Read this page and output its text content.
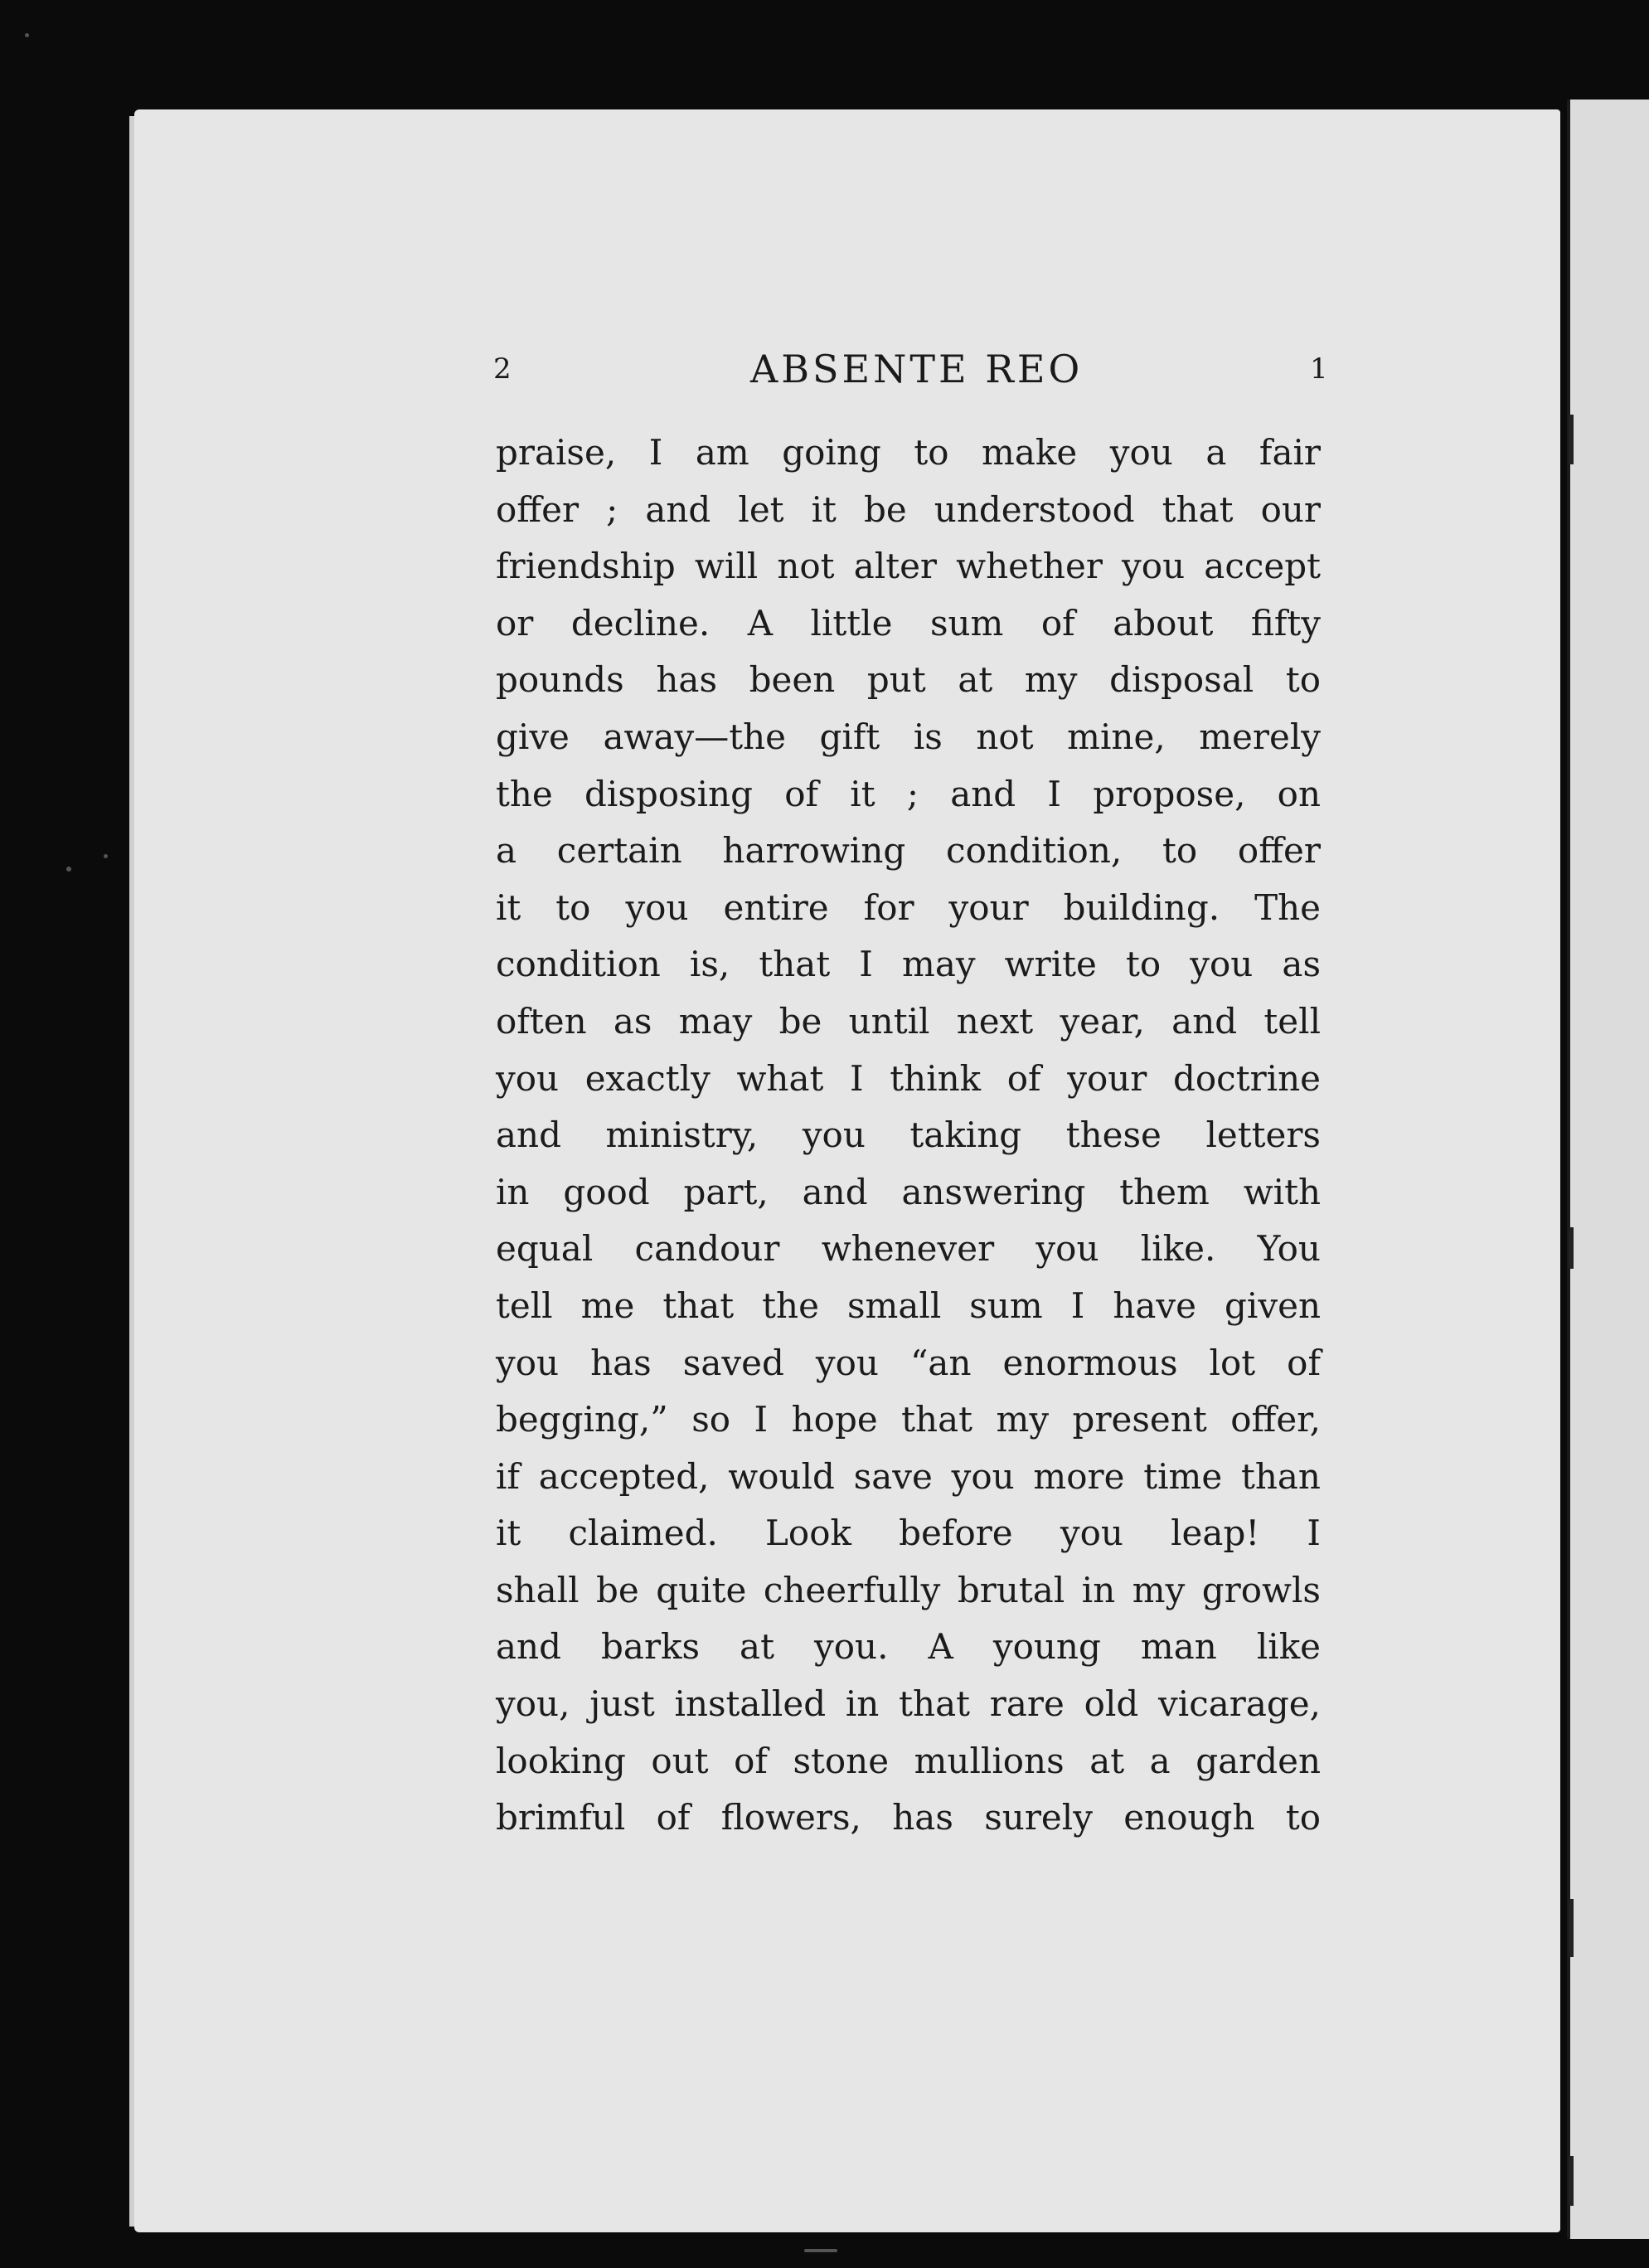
2	ABSENTE REO	1
praise, I am going to make you a fair
offer ; and let it be understood that our
friendship will not alter whether you accept
or decline. A little sum of about fifty
pounds has been put at my disposal to
give away—the gift is not mine, merely
the disposing of it ; and I propose, on
a certain harrowing condition, to offer
it to you entire for your building. The
condition is, that I may write to you as
often as may be until next year, and tell
you exactly what I think of your doctrine
and ministry, you taking these letters
in good part, and answering them with
equal candour whenever you like. You
tell me that the small sum I have given
you has saved you “an enormous lot of
begging,” so I hope that my present offer,
if accepted, would save you more time than
it claimed. Look before you leap! I
shall be quite cheerfully brutal in my growls
and barks at you. A young man like
you, just installed in that rare old vicarage,
looking out of stone mullions at a garden
brimful of flowers, has surely enough to
